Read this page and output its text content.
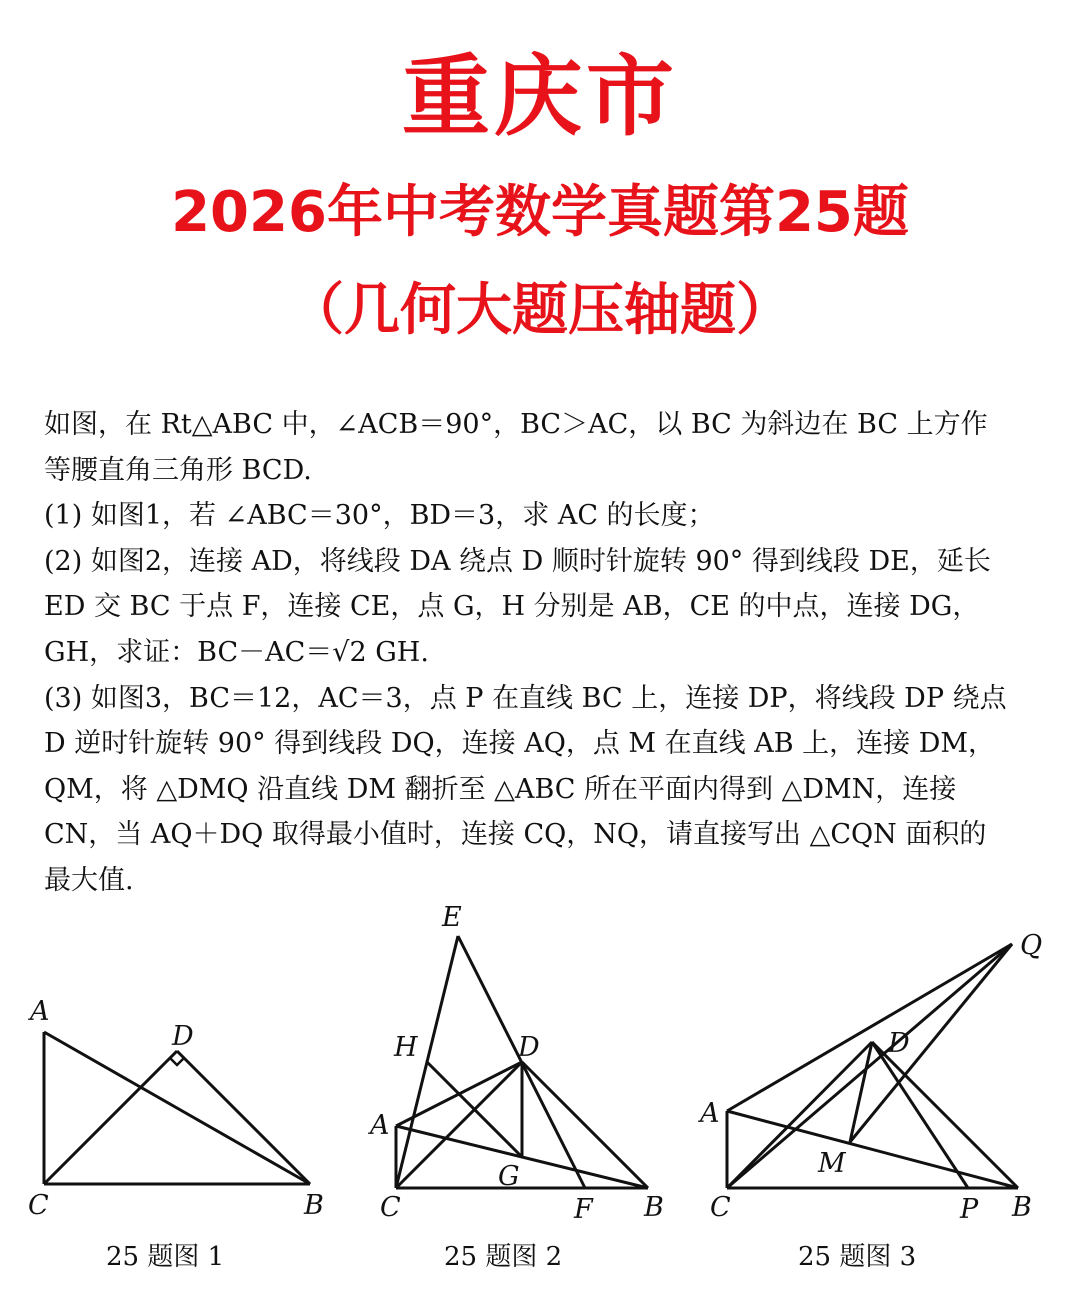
重庆市
2026年中考数学真题第25题
（几何大题压轴题）
如图，在 Rt△ABC 中，∠ACB＝90°，BC＞AC，以 BC 为斜边在 BC 上方作
等腰直角三角形 BCD.
(1) 如图1，若 ∠ABC＝30°，BD＝3，求 AC 的长度；
(2) 如图2，连接 AD，将线段 DA 绕点 D 顺时针旋转 90° 得到线段 DE，延长
ED 交 BC 于点 F，连接 CE，点 G，H 分别是 AB，CE 的中点，连接 DG，
GH，求证：BC－AC＝√2 GH.
(3) 如图3，BC＝12，AC＝3，点 P 在直线 BC 上，连接 DP，将线段 DP 绕点
D 逆时针旋转 90° 得到线段 DQ，连接 AQ，点 M 在直线 AB 上，连接 DM，
QM，将 △DMQ 沿直线 DM 翻折至 △ABC 所在平面内得到 △DMN，连接
CN，当 AQ＋DQ 取得最小值时，连接 CQ，NQ，请直接写出 △CQN 面积的
最大值.
A
D
C	B
25 题图 1
E
H	D
A
G
C	F B
25 题图 2
Q
D
A
M
C	P B
25 题图 3
